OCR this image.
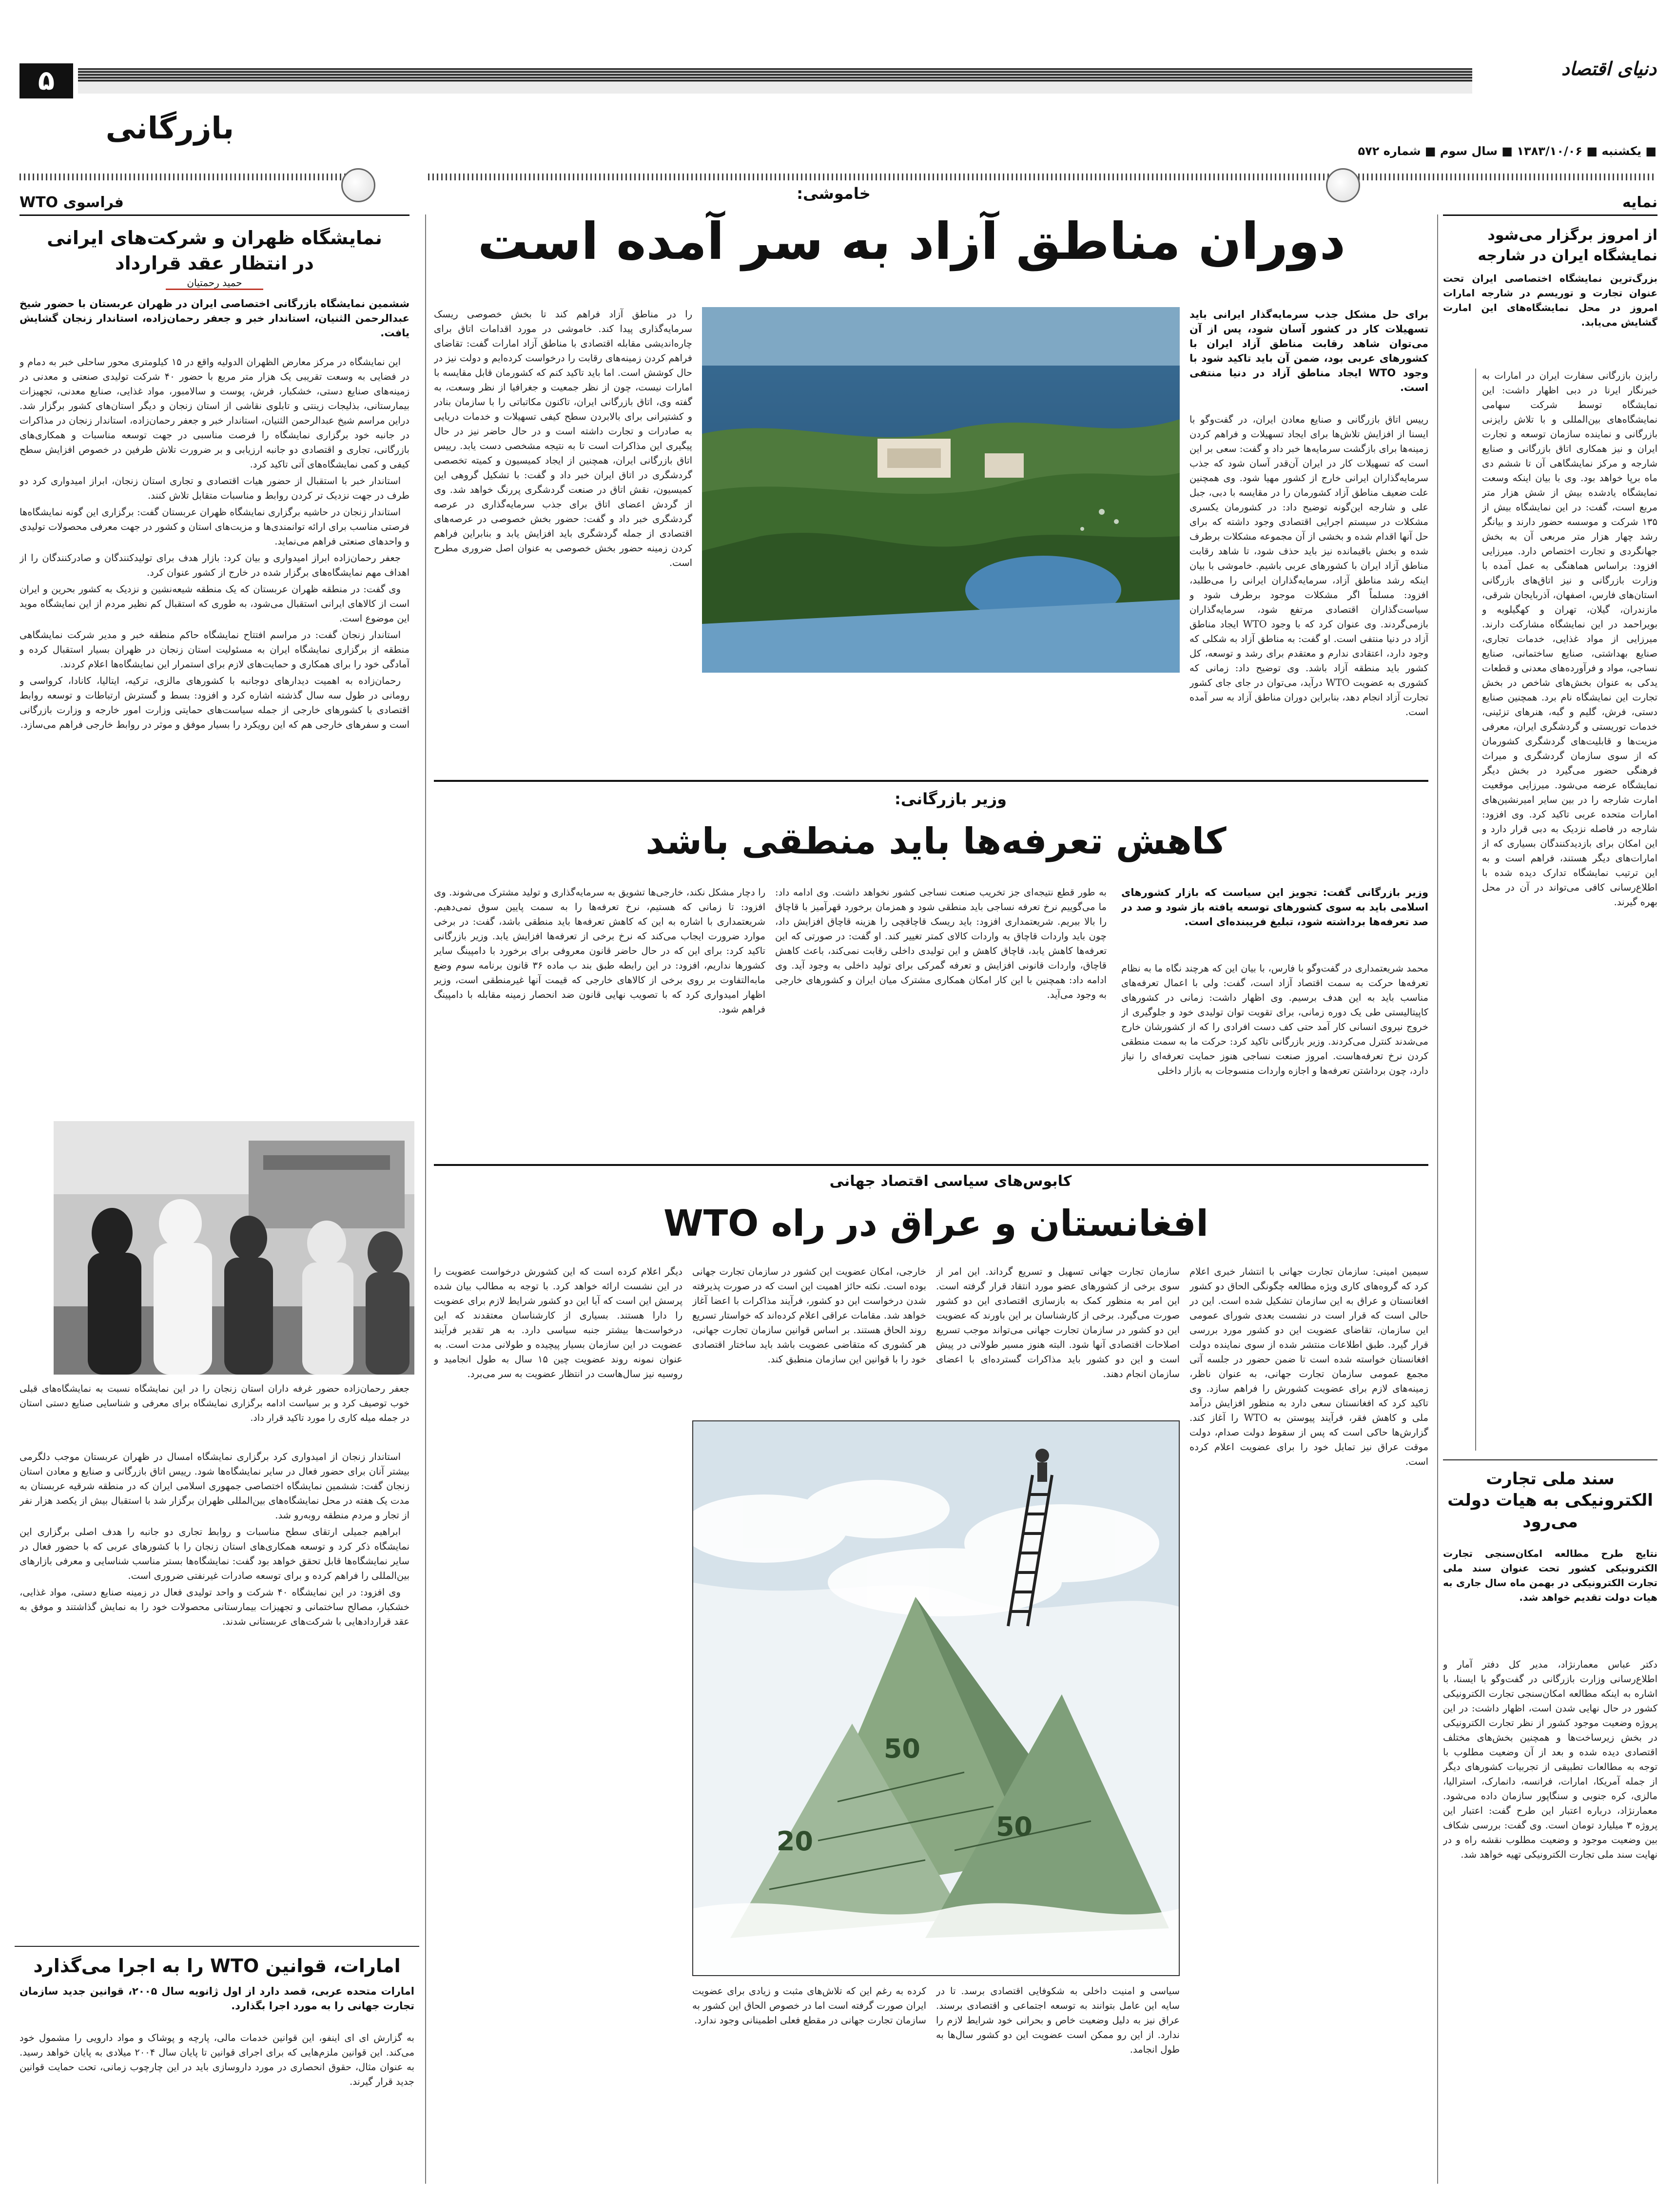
۵	دنیای اقتصاد
بازرگانی
■ یکشنبه ■ ۱۳۸۳/۱۰/۰۶ ■ سال سوم ■ شماره ۵۷۲
فراسوی WTO
نمایشگاه ظهران و شرکت‌های ایرانی
در انتظار عقد قرارداد
حمید رحمتیان
ششمین نمایشگاه بازرگانی اختصاصی ایران در ظهران عربستان با حضور شیخ عبدالرحمن الثنیان، استاندار خبر و جعفر رحمان‌زاده، استاندار زنجان گشایش یافت.

این نمایشگاه در مرکز معارض الظهران الدولیه واقع در ۱۵ کیلومتری محور ساحلی خبر به دمام و در فضایی به وسعت تقریبی یک هزار متر مربع با حضور ۴۰ شرکت تولیدی صنعتی و معدنی در زمینه‌های صنایع دستی، خشکبار، فرش، پوست و سالامبور، مواد غذایی، صنایع معدنی، تجهیزات بیمارستانی، بذلیجات زینتی و تابلوی نقاشی از استان زنجان و دیگر استان‌های کشور برگزار شد. دراین مراسم شیخ عبدالرحمن الثنیان، استاندار خبر و جعفر رحمان‌زاده، استاندار زنجان در مذاکرات در جانبه خود برگزاری نمایشگاه را فرصت مناسبی در جهت توسعه مناسبات و همکاری‌های بازرگانی، تجاری و اقتصادی دو جانبه ارزیابی و بر ضرورت تلاش طرفین در خصوص افزایش سطح کیفی و کمی نمایشگاه‌های آتی تاکید کرد.

استاندار خبر با استقبال از حضور هیات اقتصادی و تجاری استان زنجان، ابراز امیدواری کرد دو طرف در جهت نزدیک تر کردن روابط و مناسبات متقابل تلاش کنند.

استاندار زنجان در حاشیه برگزاری نمایشگاه ظهران عربستان گفت: برگزاری این گونه نمایشگاه‌ها فرصتی مناسب برای ارائه توانمندی‌ها و مزیت‌های استان و کشور در جهت معرفی محصولات تولیدی و واحدهای صنعتی فراهم می‌نماید.

جعفر رحمان‌زاده ابراز امیدواری و بیان کرد: بازار هدف برای تولیدکنندگان و صادرکنندگان را از اهداف مهم نمایشگاه‌های برگزار شده در خارج از کشور عنوان کرد.

وی گفت: در منطقه ظهران عربستان که یک منطقه شیعه‌نشین و نزدیک به کشور بحرین و ایران است از کالاهای ایرانی استقبال می‌شود، به طوری که استقبال کم نظیر مردم از این نمایشگاه موید این موضوع است.

استاندار زنجان گفت: در مراسم افتتاح نمایشگاه حاکم منطقه خبر و مدیر شرکت نمایشگاهی منطقه از برگزاری نمایشگاه ایران به مسئولیت استان زنجان در ظهران بسیار استقبال کرده و آمادگی خود را برای همکاری و حمایت‌های لازم برای استمرار این نمایشگاه‌ها اعلام کردند.

رحمان‌زاده به اهمیت دیدارهای دوجانبه با کشورهای مالزی، ترکیه، ایتالیا، کانادا، کرواسی و رومانی در طول سه سال گذشته اشاره کرد و افزود: بسط و گسترش ارتباطات و توسعه روابط اقتصادی با کشورهای خارجی از جمله سیاست‌های حمایتی وزارت امور خارجه و وزارت بازرگانی است و سفرهای خارجی هم که این رویکرد را بسیار موفق و موثر در روابط خارجی فراهم می‌سازد.

جعفر رحمان‌زاده حضور غرفه داران استان زنجان را در این نمایشگاه نسبت به نمایشگاه‌های قبلی خوب توصیف کرد و بر سیاست ادامه برگزاری نمایشگاه برای معرفی و شناسایی صنایع دستی استان در جمله میله کاری را مورد تاکید قرار داد.

استاندار زنجان از امیدواری کرد برگزاری نمایشگاه امسال در ظهران عربستان موجب دلگرمی بیشتر آنان برای حضور فعال در سایر نمایشگاه‌ها شود. رییس اتاق بازرگانی و صنایع و معادن استان زنجان گفت: ششمین نمایشگاه اختصاصی جمهوری اسلامی ایران که در منطقه شرقیه عربستان به مدت یک هفته در محل نمایشگاه‌های بین‌المللی ظهران برگزار شد با استقبال بیش از یکصد هزار نفر از تجار و مردم منطقه روبه‌رو شد.

ابراهیم جمیلی ارتقای سطح مناسبات و روابط تجاری دو جانبه را هدف اصلی برگزاری این نمایشگاه ذکر کرد و توسعه همکاری‌های استان زنجان را با کشورهای عربی که با حضور فعال در سایر نمایشگاه‌ها قابل تحقق خواهد بود گفت: نمایشگاه‌ها بستر مناسب شناسایی و معرفی بازارهای بین‌المللی را فراهم کرده و برای توسعه صادرات غیرنفتی ضروری است.

وی افزود: در این نمایشگاه ۴۰ شرکت و واحد تولیدی فعال در زمینه صنایع دستی، مواد غذایی، خشکبار، مصالح ساختمانی و تجهیزات بیمارستانی محصولات خود را به نمایش گذاشتند و موفق به عقد قراردادهایی با شرکت‌های عربستانی شدند.

امارات، قوانین WTO را به اجرا می‌گذارد
امارات متحده عربی، قصد دارد از اول ژانویه سال ۲۰۰۵، قوانین جدید سازمان تجارت جهانی را به مورد اجرا بگذارد.
به گزارش ای ای اینفو، این قوانین خدمات مالی، پارچه و پوشاک و مواد دارویی را مشمول خود می‌کند. این قوانین ملزم‌هایی که برای اجرای قوانین تا پایان سال ۲۰۰۴ میلادی به پایان خواهد رسید. به عنوان مثال، حقوق انحصاری در مورد داروسازی باید در این چارچوب زمانی، تحت حمایت قوانین جدید قرار گیرند.
نمایه
از امروز برگزار می‌شود نمایشگاه ایران در شارجه
بزرگ‌ترین نمایشگاه اختصاصی ایران تحت عنوان تجارت و توریسم در شارجه امارات امروز در محل نمایشگاه‌های این امارت گشایش می‌یابد.
رایزن بازرگانی سفارت ایران در امارات به خبرنگار ایرنا در دبی اظهار داشت: این نمایشگاه توسط شرکت سهامی نمایشگاه‌های بین‌المللی و با تلاش رایزنی بازرگانی و نماینده سازمان توسعه و تجارت ایران و نیز همکاری اتاق بازرگانی و صنایع شارجه و مرکز نمایشگاهی آن تا ششم دی ماه برپا خواهد بود. وی با بیان اینکه وسعت نمایشگاه یادشده بیش از شش هزار متر مربع است، گفت: در این نمایشگاه بیش از ۱۳۵ شرکت و موسسه حضور دارند و بیانگر رشد چهار هزار متر مربعی آن به بخش جهانگردی و تجارت اختصاص دارد. میرزایی افزود: براساس هماهنگی به عمل آمده با وزارت بازرگانی و نیز اتاق‌های بازرگانی استان‌های فارس، اصفهان، آذربایجان شرقی، مازندران، گیلان، تهران و کهگیلویه و بویراحمد در این نمایشگاه مشارکت دارند. میرزایی از مواد غذایی، خدمات تجاری، صنایع بهداشتی، صنایع ساختمانی، صنایع نساجی، مواد و فرآورده‌های معدنی و قطعات یدکی به عنوان بخش‌های شاخص در بخش تجارت این نمایشگاه نام برد. همچنین صنایع دستی، فرش، گلیم و گبه، هنرهای تزئینی، خدمات توریستی و گردشگری ایران، معرفی مزیت‌ها و قابلیت‌های گردشگری کشورمان که از سوی سازمان گردشگری و میراث فرهنگی حضور می‌گیرد در بخش دیگر نمایشگاه عرضه می‌شود. میرزایی موقعیت امارت شارجه را در بین سایر امیرنشین‌های امارات متحده عربی تاکید کرد. وی افزود: شارجه در فاصله نزدیک به دبی قرار دارد و این امکان برای بازدیدکنندگان بسیاری که از امارات‌های دیگر هستند، فراهم است و به این ترتیب نمایشگاه تدارک دیده شده با اطلاع‌رسانی کافی می‌تواند در آن در محل بهره گیرند.
سند ملی تجارت الکترونیکی به هیات دولت می‌رود
نتایج طرح مطالعه امکان‌سنجی تجارت الکترونیکی کشور تحت عنوان سند ملی تجارت الکترونیکی در بهمن ماه سال جاری به هیات دولت تقدیم خواهد شد.
دکتر عباس معمارنژاد، مدیر کل دفتر آمار و اطلاع‌رسانی وزارت بازرگانی در گفت‌وگو با ایسنا، با اشاره به اینکه مطالعه امکان‌سنجی تجارت الکترونیکی کشور در حال نهایی شدن است، اظهار داشت: در این پروژه وضعیت موجود کشور از نظر تجارت الکترونیکی در بخش زیرساخت‌ها و همچنین بخش‌های مختلف اقتصادی دیده شده و بعد از آن وضعیت مطلوب با توجه به مطالعات تطبیقی از تجربیات کشورهای دیگر از جمله آمریکا، امارات، فرانسه، دانمارک، استرالیا، مالزی، کره جنوبی و سنگاپور سازمان داده می‌شود. معمارنژاد، درباره اعتبار این طرح گفت: اعتبار این پروژه ۳ میلیارد تومان است. وی گفت: بررسی شکاف بین وضعیت موجود و وضعیت مطلوب نقشه راه و در نهایت سند ملی تجارت الکترونیکی تهیه خواهد شد.
خاموشی:
دوران مناطق آزاد به سر آمده است
برای حل مشکل جذب سرمایه‌گذار ایرانی باید تسهیلات کار در کشور آسان شود، پس از آن می‌توان شاهد رقابت مناطق آزاد ایران با کشورهای عربی بود، ضمن آن باید تاکید شود با وجود WTO ایجاد مناطق آزاد در دنیا منتفی است.
رییس اتاق بازرگانی و صنایع معادن ایران، در گفت‌وگو با ایسنا از افزایش تلاش‌ها برای ایجاد تسهیلات و فراهم کردن زمینه‌ها برای بازگشت سرمایه‌ها خبر داد و گفت: سعی بر این است که تسهیلات کار در ایران آن‌قدر آسان شود که جذب سرمایه‌گذاران ایرانی خارج از کشور مهیا شود. وی همچنین علت ضعیف مناطق آزاد کشورمان را در مقایسه با دبی، جبل علی و شارجه این‌گونه توضیح داد: در کشورمان یکسری مشکلات در سیستم اجرایی اقتصادی وجود داشته که برای حل آنها اقدام شده و بخشی از آن مجموعه مشکلات برطرف شده و بخش باقیمانده نیز باید حذف شود، تا شاهد رقابت مناطق آزاد ایران با کشورهای عربی باشیم. خاموشی با بیان اینکه رشد مناطق آزاد، سرمایه‌گذاران ایرانی را می‌طلبد، افزود: مسلماً اگر مشکلات موجود برطرف شود و سیاست‌گذاران اقتصادی مرتفع شود، سرمایه‌گذاران بازمی‌گردند. وی عنوان کرد که با وجود WTO ایجاد مناطق آزاد در دنیا منتفی است. او گفت: به مناطق آزاد به شکلی که وجود دارد، اعتقادی ندارم و معتقدم برای رشد و توسعه، کل کشور باید منطقه آزاد باشد. وی توضیح داد: زمانی که کشوری به عضویت WTO درآید، می‌توان در جای جای کشور تجارت آزاد انجام دهد، بنابراین دوران مناطق آزاد به سر آمده است.
را در مناطق آزاد فراهم کند تا بخش خصوصی ریسک سرمایه‌گذاری پیدا کند. خاموشی در مورد اقدامات اتاق برای چاره‌اندیشی مقابله اقتصادی با مناطق آزاد امارات گفت: تقاضای فراهم کردن زمینه‌های رقابت را درخواست کرده‌ایم و دولت نیز در حال کوشش است. اما باید تاکید کنم که کشورمان قابل مقایسه با امارات نیست، چون از نظر جمعیت و جغرافیا از نظر وسعت، به گفته وی، اتاق بازرگانی ایران، تاکنون مکاتباتی را با سازمان بنادر و کشتیرانی برای بالابردن سطح کیفی تسهیلات و خدمات دریایی به صادرات و تجارت داشته است و در حال حاضر نیز در حال پیگیری این مذاکرات است تا به نتیجه مشخصی دست یابد. رییس اتاق بازرگانی ایران، همچنین از ایجاد کمیسیون و کمیته تخصصی گردشگری در اتاق ایران خبر داد و گفت: با تشکیل گروهی این کمیسیون، نقش اتاق در صنعت گردشگری پررنگ خواهد شد. وی از گردش اعضای اتاق برای جذب سرمایه‌گذاری در عرصه گردشگری خبر داد و گفت: حضور بخش خصوصی در عرصه‌های اقتصادی از جمله گردشگری باید افزایش یابد و بنابراین فراهم کردن زمینه حضور بخش خصوصی به عنوان اصل ضروری مطرح است.
وزیر بازرگانی:
کاهش تعرفه‌ها باید منطقی باشد
وزیر بازرگانی گفت: تجویز این سیاست که بازار کشورهای اسلامی باید به سوی کشورهای توسعه یافته باز شود و صد در صد تعرفه‌ها برداشته شود، تبلیغ فریبنده‌ای است.
محمد شریعتمداری در گفت‌وگو با فارس، با بیان این که هرچند نگاه ما به نظام تعرفه‌ها حرکت به سمت اقتصاد آزاد است، گفت: ولی با اعمال تعرفه‌های مناسب باید به این هدف برسیم. وی اظهار داشت: زمانی در کشورهای کاپیتالیستی طی یک دوره زمانی، برای تقویت توان تولیدی خود و جلوگیری از خروج نیروی انسانی کار آمد حتی کف دست افرادی را که از کشورشان خارج می‌شدند کنترل می‌کردند. وزیر بازرگانی تاکید کرد: حرکت ما به سمت منطقی کردن نرخ تعرفه‌هاست. امروز صنعت نساجی هنوز حمایت تعرفه‌ای را نیاز دارد، چون برداشتن تعرفه‌ها و اجازه واردات منسوجات به بازار داخلی
به طور قطع نتیجه‌ای جز تخریب صنعت نساجی کشور نخواهد داشت. وی ادامه داد: ما می‌گوییم نرخ تعرفه نساجی باید منطقی شود و همزمان برخورد قهرآمیز با قاچاق را بالا ببریم. شریعتمداری افزود: باید ریسک قاچاقچی را هزینه قاچاق افزایش داد، چون باید واردات قاچاق به واردات کالای کمتر تغییر کند. او گفت: در صورتی که این تعرفه‌ها کاهش یابد، قاچاق کاهش و این تولیدی داخلی رقابت نمی‌کند، باعث کاهش قاچاق، واردات قانونی افزایش و تعرفه گمرکی برای تولید داخلی به وجود آید. وی ادامه داد: همچنین با این کار امکان همکاری مشترک میان ایران و کشورهای خارجی به وجود می‌آید.
را دچار مشکل نکند، خارجی‌ها تشویق به سرمایه‌گذاری و تولید مشترک می‌شوند. وی افزود: تا زمانی که هستیم، نرخ تعرفه‌ها را به سمت پایین سوق نمی‌دهیم. شریعتمداری با اشاره به این که کاهش تعرفه‌ها باید منطقی باشد، گفت: در برخی موارد ضرورت ایجاب می‌کند که نرخ برخی از تعرفه‌ها افزایش یابد. وزیر بازرگانی تاکید کرد: برای این که در حال حاضر قانون معروفی برای برخورد با دامپینگ سایر کشورها نداریم، افزود: در این رابطه طبق بند ب ماده ۳۶ قانون برنامه سوم وضع مابه‌التفاوت بر روی برخی از کالاهای خارجی که قیمت آنها غیرمنطقی است، وزیر اظهار امیدواری کرد که با تصویب نهایی قانون ضد انحصار زمینه مقابله با دامپینگ فراهم شود.
کابوس‌های سیاسی اقتصاد جهانی
افغانستان و عراق در راه WTO
سیمین امینی: سازمان تجارت جهانی با انتشار خبری اعلام کرد که گروه‌های کاری ویژه مطالعه چگونگی الحاق دو کشور افغانستان و عراق به این سازمان تشکیل شده است. این در حالی است که قرار است در نشست بعدی شورای عمومی این سازمان، تقاضای عضویت این دو کشور مورد بررسی قرار گیرد. طبق اطلاعات منتشر شده از سوی نماینده دولت افغانستان خواسته شده است تا ضمن حضور در جلسه آتی مجمع عمومی سازمان تجارت جهانی، به عنوان ناظر، زمینه‌های لازم برای عضویت کشورش را فراهم سازد. وی تاکید کرد که افغانستان سعی دارد به منظور افزایش درآمد ملی و کاهش فقر، فرآیند پیوستن به WTO را آغاز کند. گزارش‌ها حاکی است که پس از سقوط دولت صدام، دولت موقت عراق نیز تمایل خود را برای عضویت اعلام کرده است.
سازمان تجارت جهانی تسهیل و تسریع گرداند. این امر از سوی برخی از کشورهای عضو مورد انتقاد قرار گرفته است. این امر به منظور کمک به بازسازی اقتصادی این دو کشور صورت می‌گیرد. برخی از کارشناسان بر این باورند که عضویت این دو کشور در سازمان تجارت جهانی می‌تواند موجب تسریع اصلاحات اقتصادی آنها شود. البته هنوز مسیر طولانی در پیش است و این دو کشور باید مذاکرات گسترده‌ای با اعضای سازمان انجام دهند.
خارجی، امکان عضویت این کشور در سازمان تجارت جهانی بوده است. نکته حائز اهمیت این است که در صورت پذیرفته شدن درخواست این دو کشور، فرآیند مذاکرات با اعضا آغاز خواهد شد. مقامات عراقی اعلام کرده‌اند که خواستار تسریع روند الحاق هستند. بر اساس قوانین سازمان تجارت جهانی، هر کشوری که متقاضی عضویت باشد باید ساختار اقتصادی خود را با قوانین این سازمان منطبق کند.
دیگر اعلام کرده است که این کشورش درخواست عضویت را در این نشست ارائه خواهد کرد. با توجه به مطالب بیان شده پرسش این است که آیا این دو کشور شرایط لازم برای عضویت را دارا هستند. بسیاری از کارشناسان معتقدند که این درخواست‌ها بیشتر جنبه سیاسی دارد. به هر تقدیر فرآیند عضویت در این سازمان بسیار پیچیده و طولانی مدت است. به عنوان نمونه روند عضویت چین ۱۵ سال به طول انجامید و روسیه نیز سال‌هاست در انتظار عضویت به سر می‌برد.
50
20	50
کرده به رغم این که تلاش‌های مثبت و زیادی برای عضویت ایران صورت گرفته است اما در خصوص الحاق این کشور به سازمان تجارت جهانی در مقطع فعلی اطمینانی وجود ندارد.
سیاسی و امنیت داخلی به شکوفایی اقتصادی برسد. تا در سایه این عامل بتوانند به توسعه اجتماعی و اقتصادی برسند. عراق نیز به دلیل وضعیت خاص و بحرانی خود شرایط لازم را ندارد. از این رو ممکن است عضویت این دو کشور سال‌ها به طول انجامد.
